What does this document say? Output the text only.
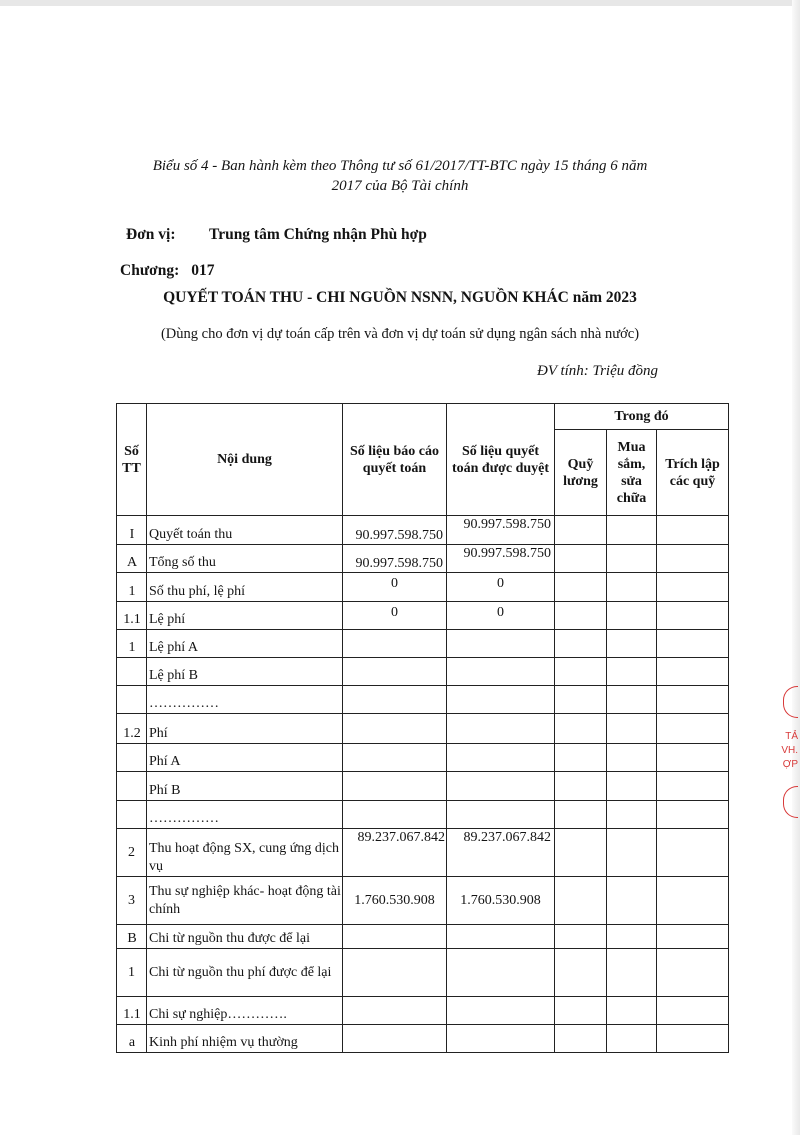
Biểu số 4 - Ban hành kèm theo Thông tư số 61/2017/TT-BTC ngày 15 tháng 6 năm
2017 của Bộ Tài chính
Đơn vị: Trung tâm Chứng nhận Phù hợp
Chương: 017
QUYẾT TOÁN THU - CHI NGUỒN NSNN, NGUỒN KHÁC năm 2023
(Dùng cho đơn vị dự toán cấp trên và đơn vị dự toán sử dụng ngân sách nhà nước)
ĐV tính: Triệu đồng
Số TT	Nội dung	Số liệu báo cáo quyết toán	Số liệu quyết toán được duyệt	Trong đó		
				Quỹ lương	Mua sắm, sửa chữa	Trích lập các quỹ
I	Quyết toán thu	90.997.598.750	90.997.598.750			
A	Tổng số thu	90.997.598.750	90.997.598.750			
1	Số thu phí, lệ phí	0	0			
1.1	Lệ phí	0	0			
1	Lệ phí A					
	Lệ phí B					
	……………					
1.2	Phí					
	Phí A					
	Phí B					
	……………					
2	Thu hoạt động SX, cung ứng dịch vụ	89.237.067.842	89.237.067.842			
3	Thu sự nghiệp khác- hoạt động tài chính	1.760.530.908	1.760.530.908			
B	Chi từ nguồn thu được để lại					
1	Chi từ nguồn thu phí được để lại					
1.1	Chi sự nghiệp………….					
a	Kinh phí nhiệm vụ thường					
TẢ
VH.
ỢP
